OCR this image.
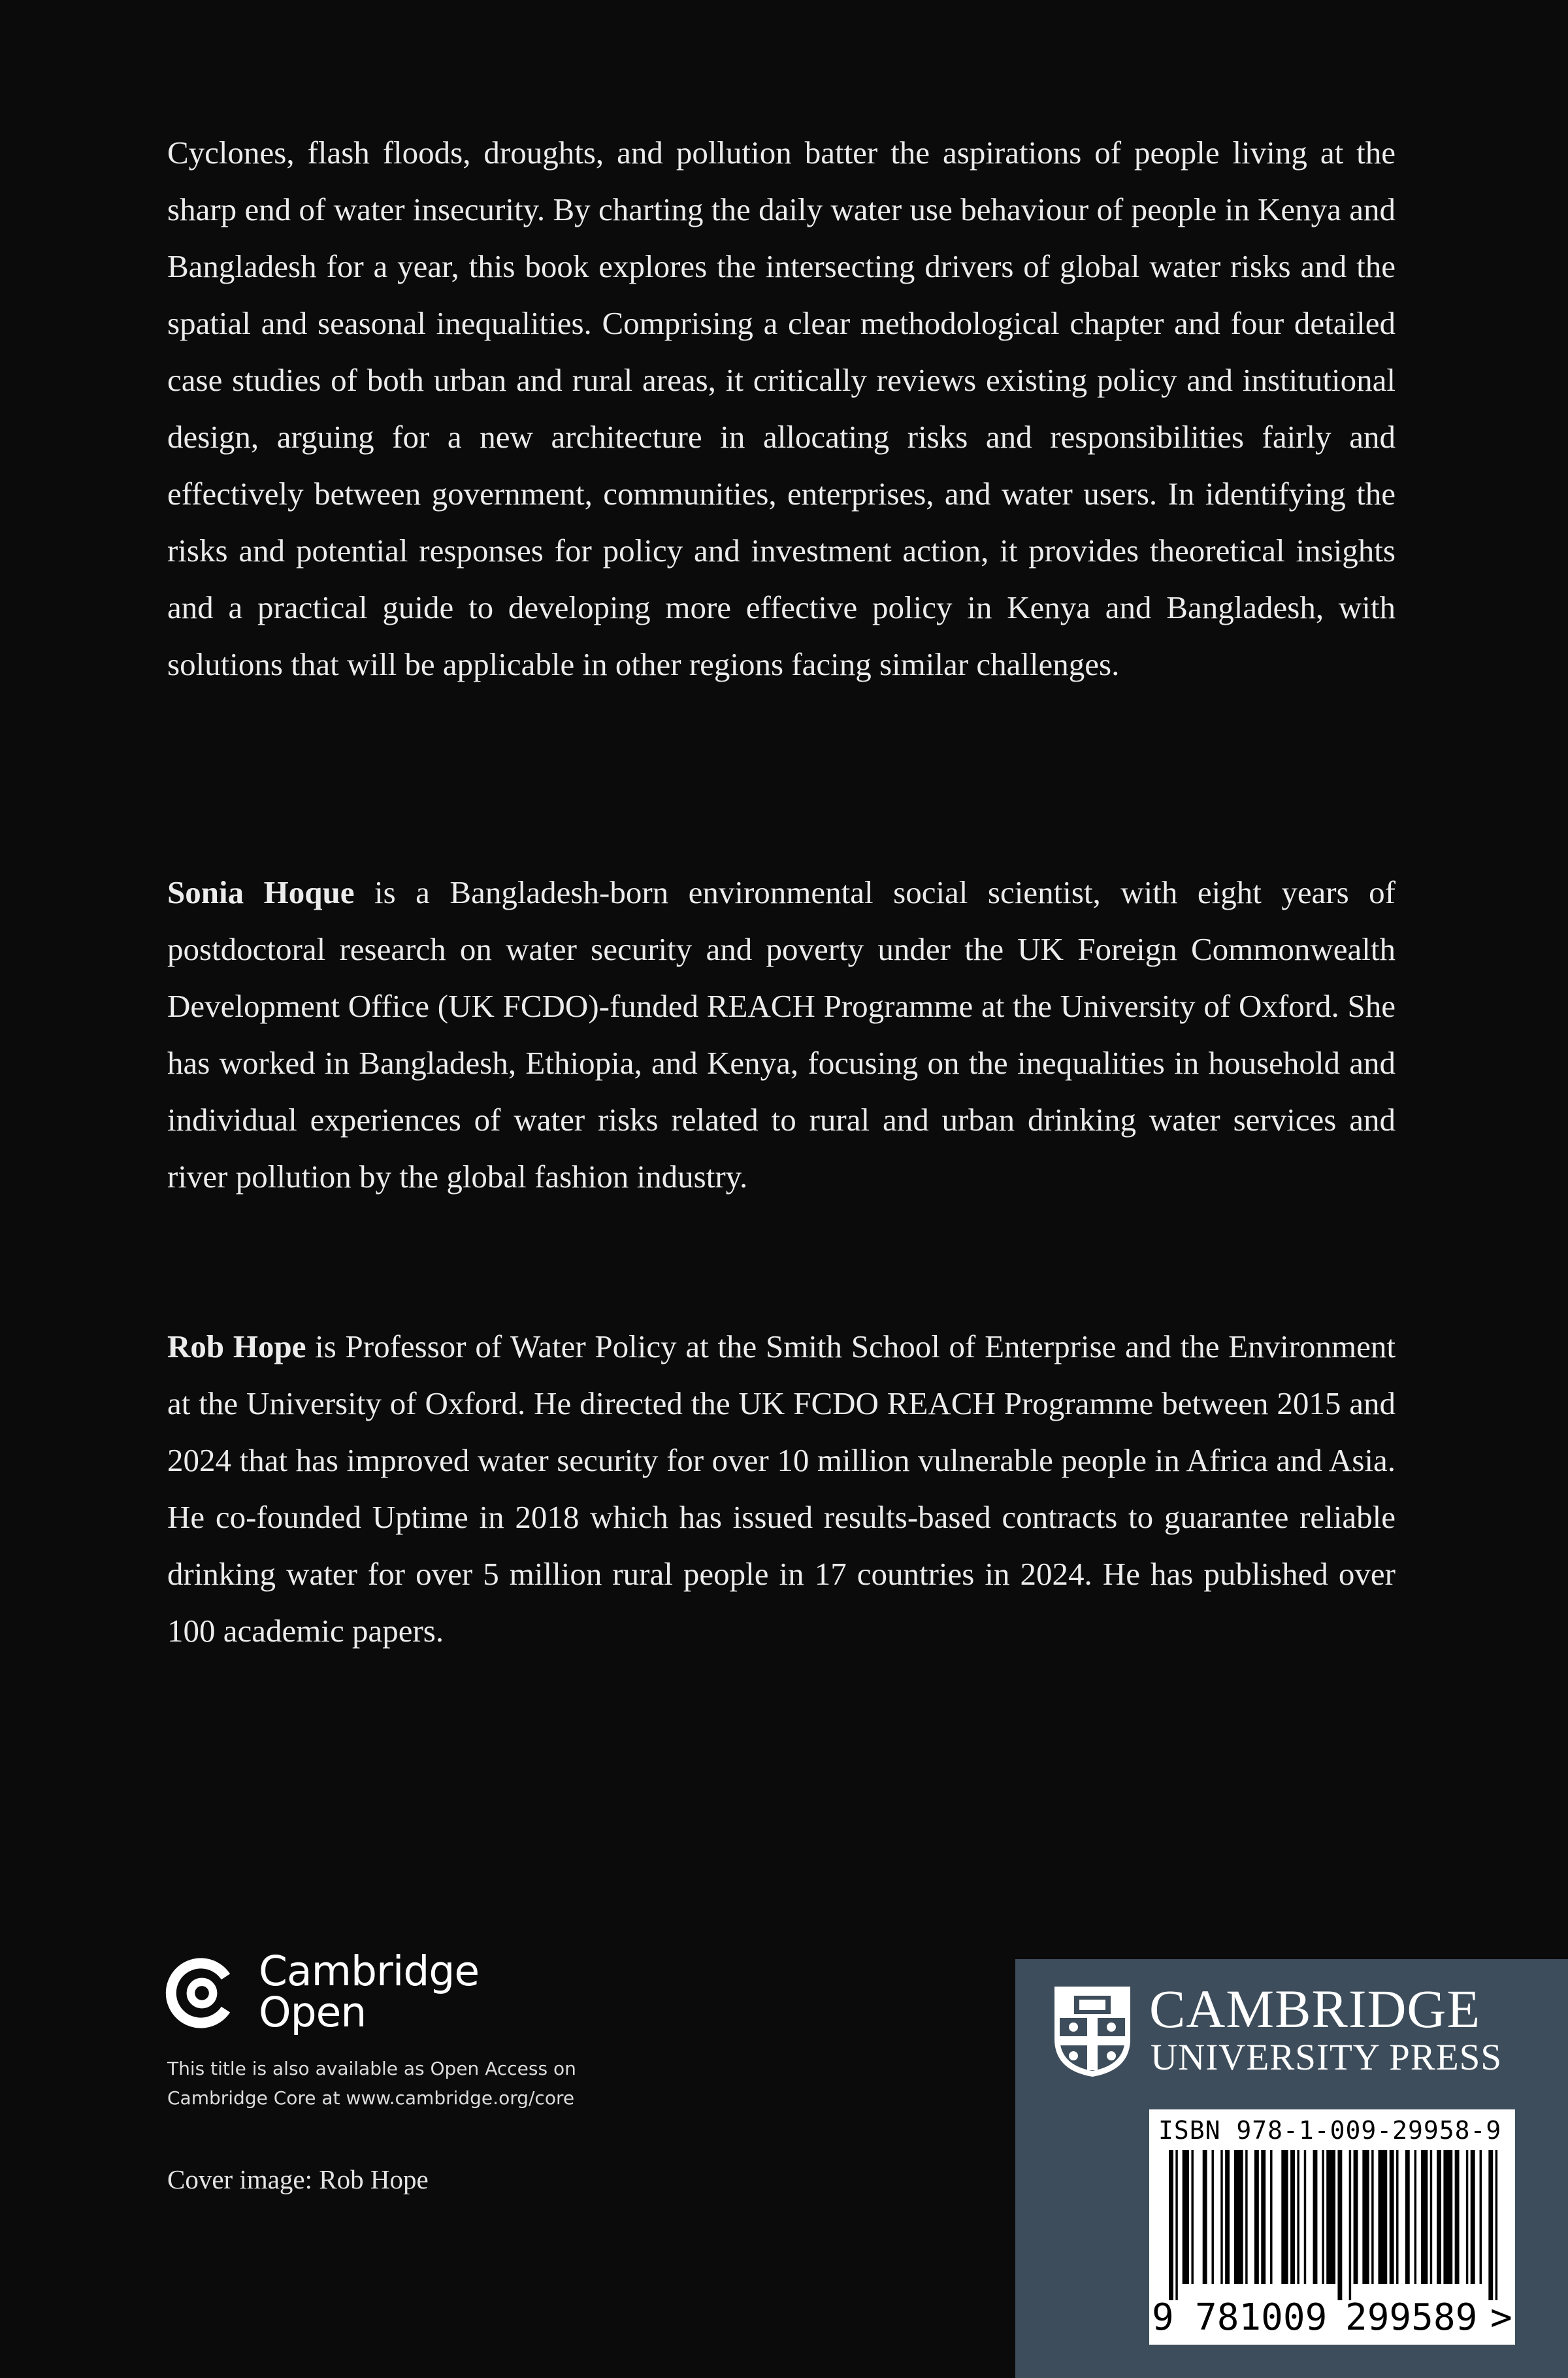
Cyclones, flash floods, droughts, and pollution batter the aspirations of people living at the sharp end of water insecurity. By charting the daily water use behaviour of people in Kenya and Bangladesh for a year, this book explores the intersecting drivers of global water risks and the spatial and seasonal inequalities. Comprising a clear methodological chapter and four detailed case studies of both urban and rural areas, it critically reviews existing policy and institutional design, arguing for a new architecture in allocating risks and responsibilities fairly and effectively between government, communities, enterprises, and water users. In identifying the risks and potential responses for policy and investment action, it provides theoretical insights and a practical guide to developing more effective policy in Kenya and Bangladesh, with solutions that will be applicable in other regions facing similar challenges.

Sonia Hoque is a Bangladesh-born environmental social scientist, with eight years of postdoctoral research on water security and poverty under the UK Foreign Commonwealth Development Office (UK FCDO)-funded REACH Programme at the University of Oxford. She has worked in Bangladesh, Ethiopia, and Kenya, focusing on the inequalities in household and individual experiences of water risks related to rural and urban drinking water services and river pollution by the global fashion industry.

Rob Hope is Professor of Water Policy at the Smith School of Enterprise and the Environment at the University of Oxford. He directed the UK FCDO REACH Programme between 2015 and 2024 that has improved water security for over 10 million vulnerable people in Africa and Asia. He co-founded Uptime in 2018 which has issued results-based contracts to guarantee reliable drinking water for over 5 million rural people in 17 countries in 2024. He has published over 100 academic papers.

Cambridge
Open
This title is also available as Open Access on
Cambridge Core at www.cambridge.org/core
Cover image: Rob Hope
CAMBRIDGE
UNIVERSITY PRESS
ISBN 978-1-009-29958-9
9 781009 299589 >
